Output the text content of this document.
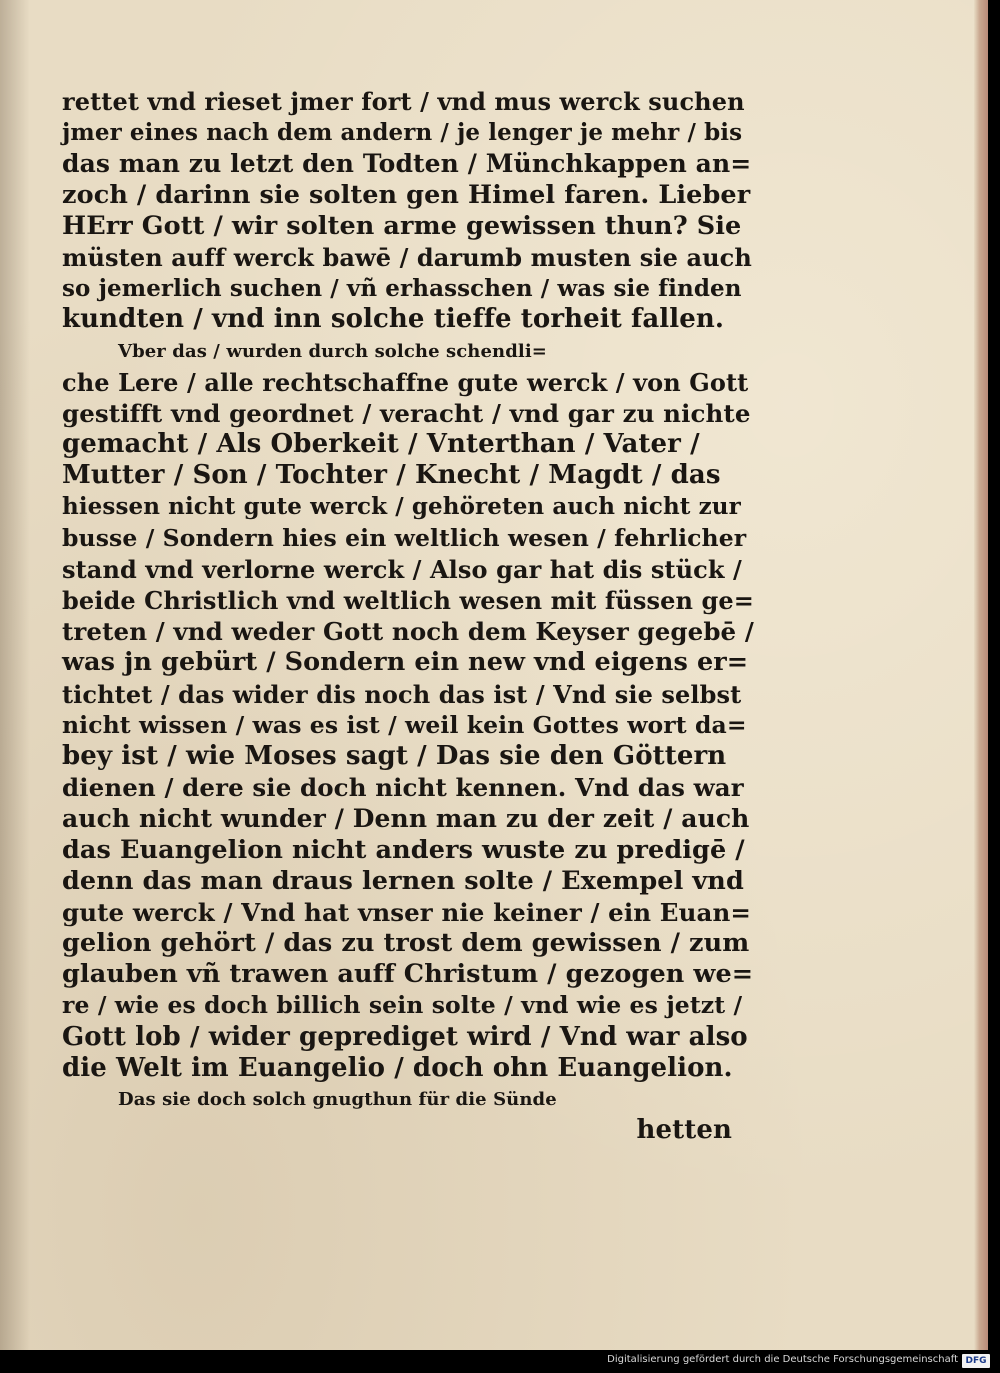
rettet vnd rieset jmer fort / vnd mus werck suchen
jmer eines nach dem andern / je lenger je mehr / bis
das man zu letzt den Todten / Münchkappen an=
zoch / darinn sie solten gen Himel faren. Lieber
HErr Gott / wir solten arme gewissen thun? Sie
müsten auff werck bawē / darumb musten sie auch
so jemerlich suchen / vñ erhasschen / was sie finden
kundten / vnd inn solche tieffe torheit fallen.
Vber das / wurden durch solche schendli=
che Lere / alle rechtschaffne gute werck / von Gott
gestifft vnd geordnet / veracht / vnd gar zu nichte
gemacht / Als Oberkeit / Vnterthan / Vater /
Mutter / Son / Tochter / Knecht / Magdt / das
hiessen nicht gute werck / gehöreten auch nicht zur
busse / Sondern hies ein weltlich wesen / fehrlicher
stand vnd verlorne werck / Also gar hat dis stück /
beide Christlich vnd weltlich wesen mit füssen ge=
treten / vnd weder Gott noch dem Keyser gegebē /
was jn gebürt / Sondern ein new vnd eigens er=
tichtet / das wider dis noch das ist / Vnd sie selbst
nicht wissen / was es ist / weil kein Gottes wort da=
bey ist / wie Moses sagt / Das sie den Göttern
dienen / dere sie doch nicht kennen. Vnd das war
auch nicht wunder / Denn man zu der zeit / auch
das Euangelion nicht anders wuste zu predigē /
denn das man draus lernen solte / Exempel vnd
gute werck / Vnd hat vnser nie keiner / ein Euan=
gelion gehört / das zu trost dem gewissen / zum
glauben vñ trawen auff Christum / gezogen we=
re / wie es doch billich sein solte / vnd wie es jetzt /
Gott lob / wider geprediget wird / Vnd war also
die Welt im Euangelio / doch ohn Euangelion.
Das sie doch solch gnugthun für die Sünde
hetten
Digitalisierung gefördert durch die Deutsche Forschungsgemeinschaft DFG
